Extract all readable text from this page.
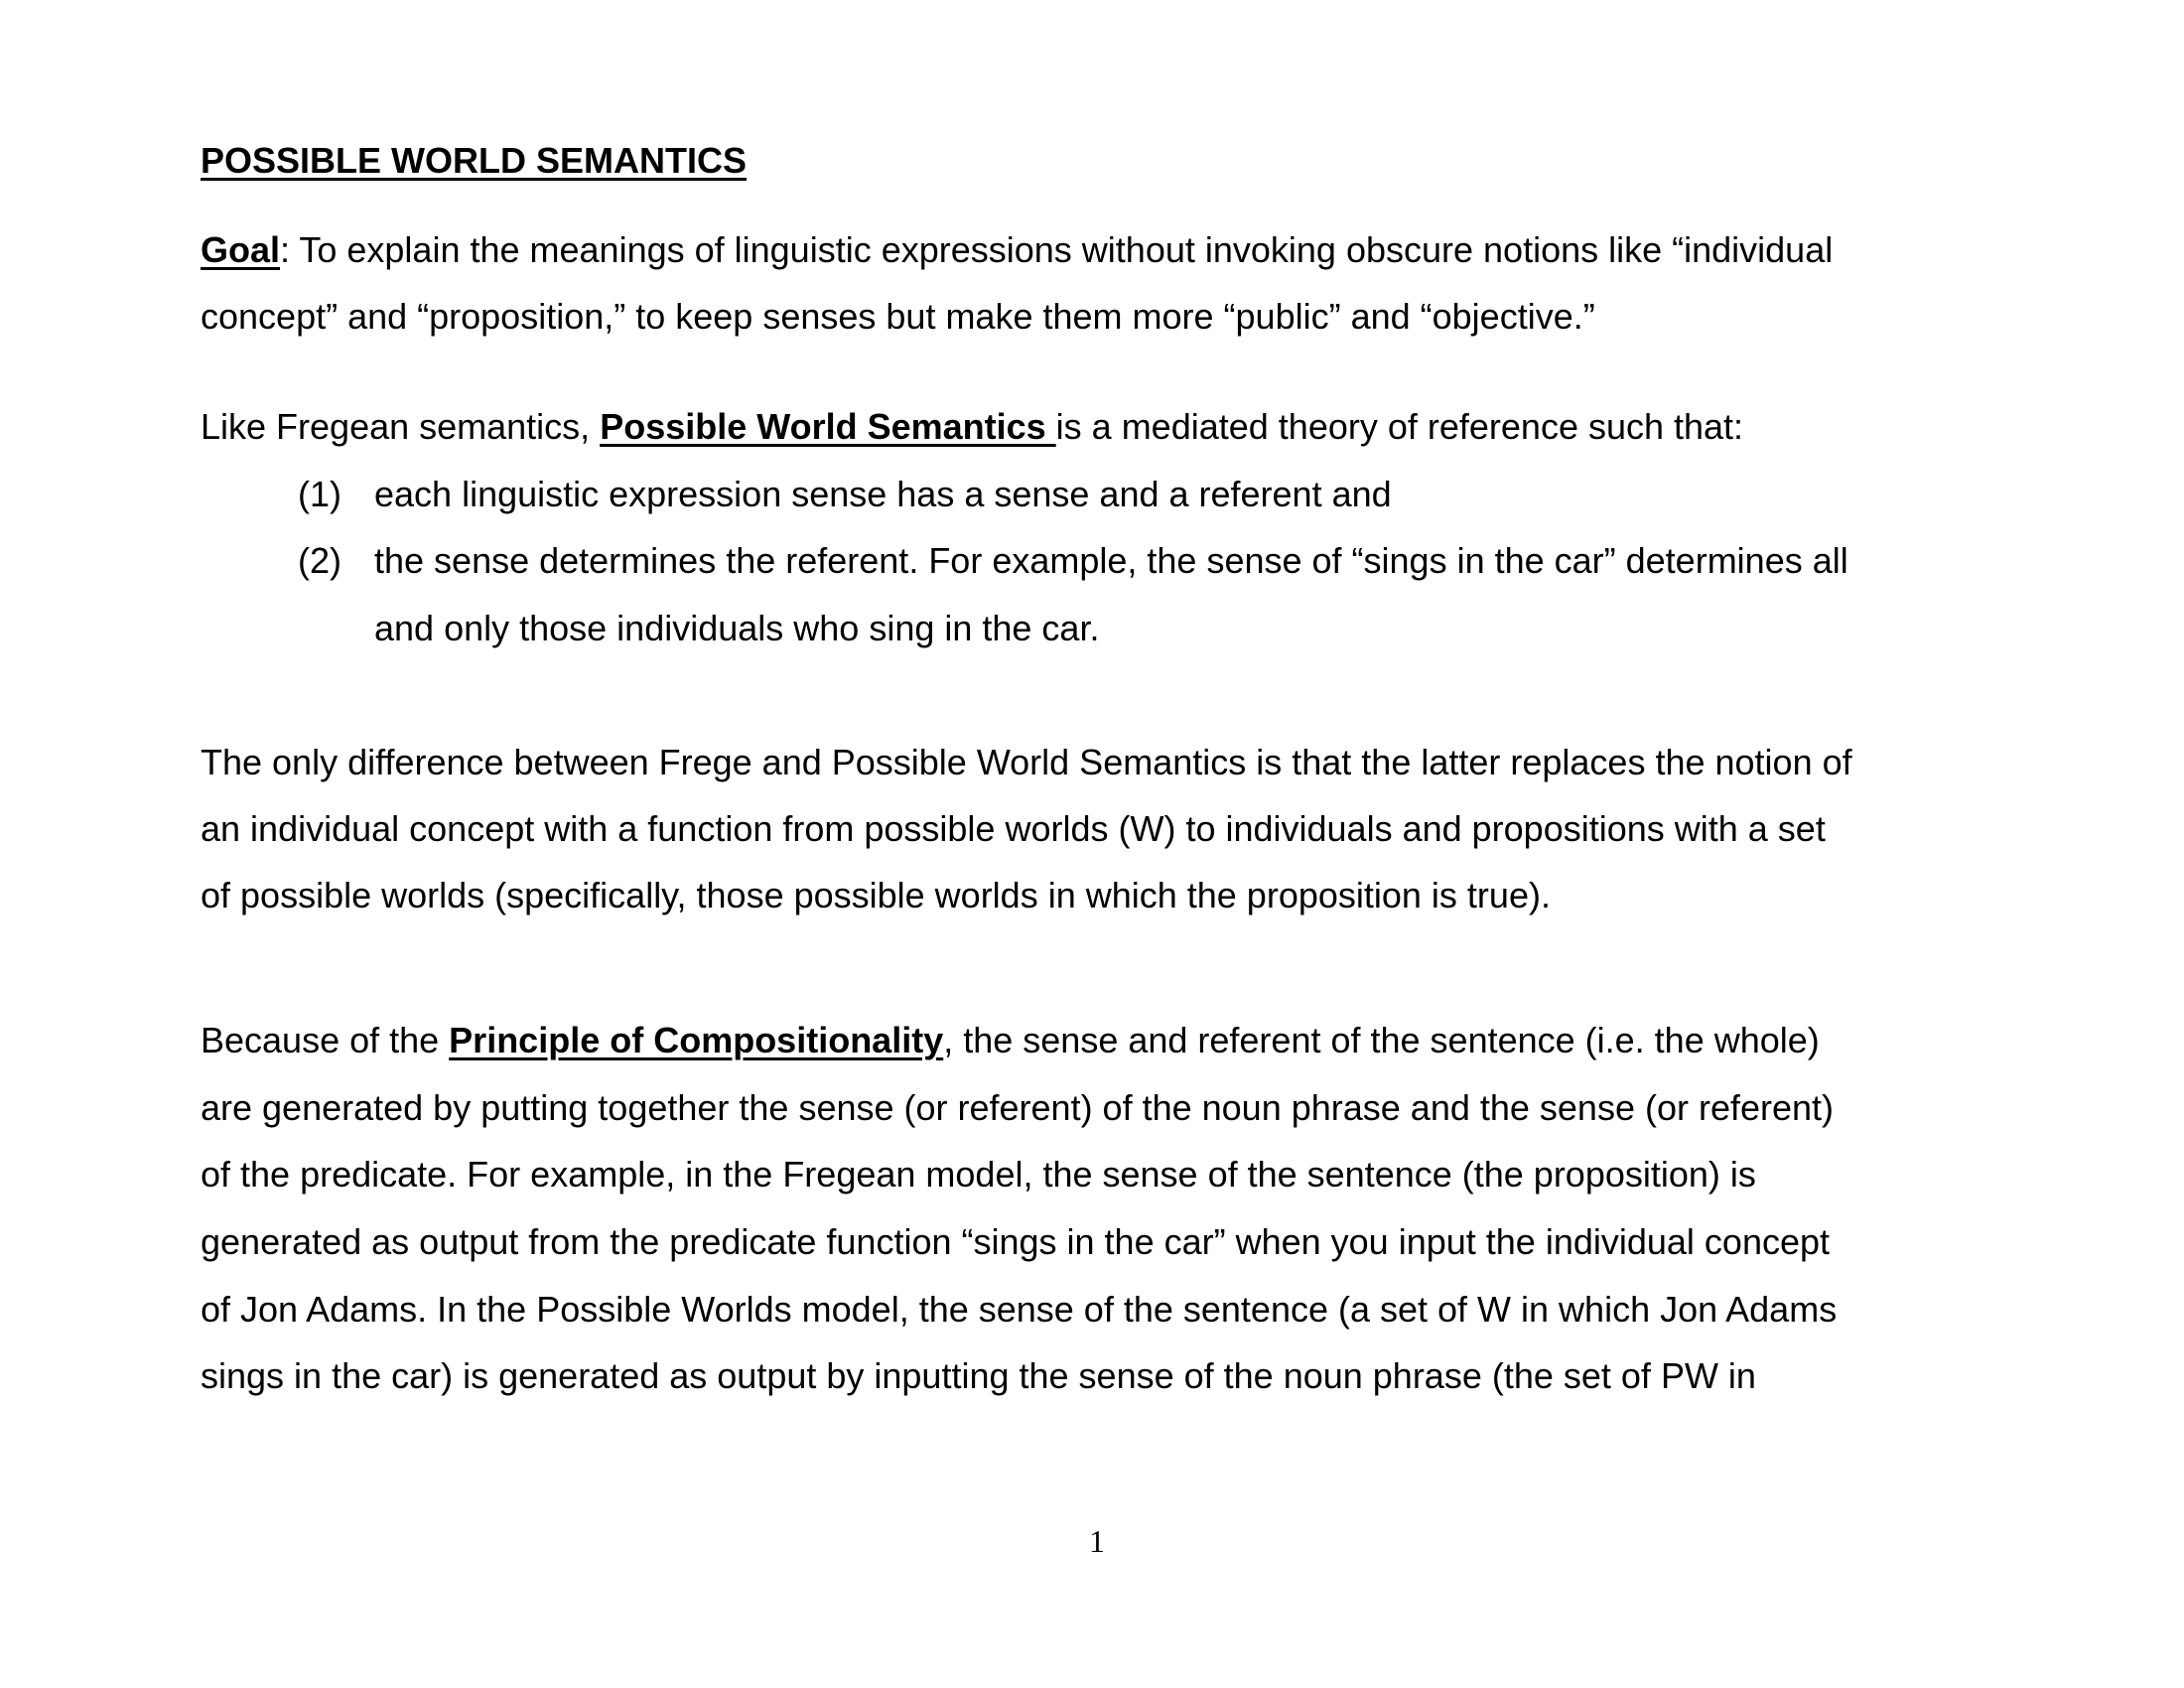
POSSIBLE WORLD SEMANTICS
Goal: To explain the meanings of linguistic expressions without invoking obscure notions like “individual
concept” and “proposition,” to keep senses but make them more “public” and “objective.”
Like Fregean semantics, Possible World Semantics is a mediated theory of reference such that:
(1) each linguistic expression sense has a sense and a referent and
(2) the sense determines the referent. For example, the sense of “sings in the car” determines all
and only those individuals who sing in the car.
The only difference between Frege and Possible World Semantics is that the latter replaces the notion of
an individual concept with a function from possible worlds (W) to individuals and propositions with a set
of possible worlds (specifically, those possible worlds in which the proposition is true).
Because of the Principle of Compositionality, the sense and referent of the sentence (i.e. the whole)
are generated by putting together the sense (or referent) of the noun phrase and the sense (or referent)
of the predicate. For example, in the Fregean model, the sense of the sentence (the proposition) is
generated as output from the predicate function “sings in the car” when you input the individual concept
of Jon Adams. In the Possible Worlds model, the sense of the sentence (a set of W in which Jon Adams
sings in the car) is generated as output by inputting the sense of the noun phrase (the set of PW in
1
